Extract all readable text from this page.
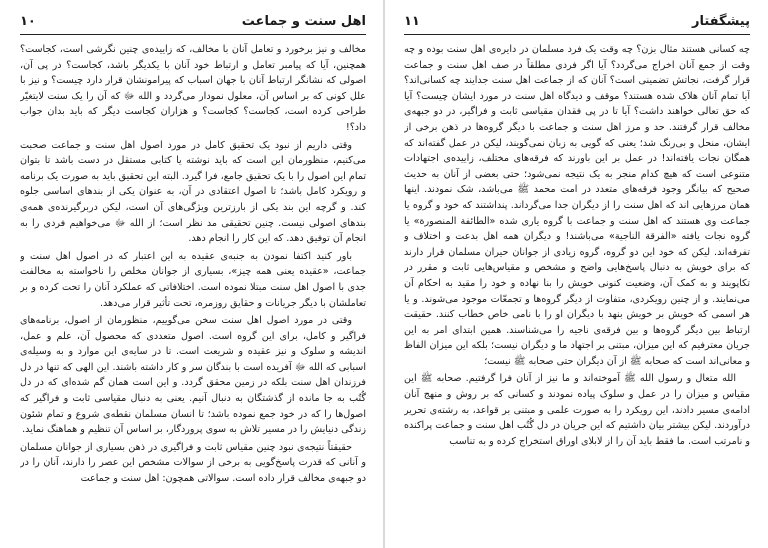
اهل سنت و جماعت
۱۰

مخالف و نیز برخورد و تعامل آنان با مخالف، که زاییده‌ی چنین نگرشی است، کجاست؟ همچنین، آیا که پیامبر تعامل و ارتباط خود آنان با یکدیگر باشد، کجاست؟ در پی آن، اصولی که نشانگر ارتباط آنان با جهان اسباب که پیرامونشان قرار دارد چیست؟ و نیز با علل کونی که بر اساس آن، معلول نمودار می‌گردد و الله ﷻ که آن را یک سنت لایتغیّر طراحی کرده است، کجاست؟ کجاست؟ و هزاران کجاست دیگر که باید بدان جواب داد؟!

وقتی داریم از نبود یک تحقیق کامل در مورد اصول اهل سنت و جماعت صحبت می‌کنیم، منظورمان این است که باید نوشته یا کتابی مستقل در دست باشد تا بتوان تمام این اصول را با یک تحقیق جامع، فرا گیرد. البته این تحقیق باید به صورت یک برنامه و رویکرد کامل باشد؛ تا اصول اعتقادی در آن، به عنوان یکی از بندهای اساسی جلوه کند. و گرچه این بند یکی از بارزترین ویژگی‌های آن است، لیکن دربرگیرنده‌ی همه‌ی بندهای اصولی نیست. چنین تحقیقی مد نظر است؛ از الله ﷻ می‌خواهیم فردی را به انجام آن توفیق دهد. که این کار را انجام دهد.

باور کنید اکتفا نمودن به جنبه‌ی عقیده به این اعتبار که در اصول اهل سنت و جماعت، «عقیده یعنی همه چیز»، بسیاری از جوانان مخلص را ناخواسته به مخالفت جدی با اصول اهل سنت مبتلا نموده است. اختلافاتی که عملکرد آنان را تحت کرده و بر تعاملشان با دیگر جریانات و حقایق روزمره، تحت تأثیر قرار می‌دهد.

وقتی در مورد اصول اهل سنت سخن می‌گوییم، منظورمان از اصول، برنامه‌های فراگیر و کامل، برای این گروه است. اصول متعددی که محصول آن، علم و عمل، اندیشه و سلوک و نیز عقیده و شریعت است. تا در سایه‌ی این موارد و به وسیله‌ی اسبابی که الله ﷻ آفریده است با بندگان سر و کار داشته باشند. این الهی که تنها در دل فرزندان اهل سنت بلکه در زمین محقق گردد. و این است همان گم شده‌ای که در دل گُتُب به جا مانده از گذشتگان به دنبال آنیم. یعنی به دنبال مقیاسی ثابت و فراگیر که اصول‌ها را که در خود جمع نموده باشد؛ تا انسان مسلمان نقطه‌ی شروع و تمام شئون زندگی دنیایش را در مسیر تلاش به سوی پروردگار، بر اساس آن تنظیم و هماهنگ نماید.

حقیقتاً نتیجه‌ی نبود چنین مقیاس ثابت و فراگیری در ذهن بسیاری از جوانان مسلمان و آنانی که قدرت پاسخ‌گویی به برخی از سوالات مشخص این عصر را دارند، آنان را در دو جبهه‌ی مخالف قرار داده است. سوالاتی همچون: اهل سنت و جماعت

پیشگفتار
۱۱

چه کسانی هستند مثال بزن؟ چه وقت یک فرد مسلمان در دایره‌ی اهل سنت بوده و چه وقت از جمع آنان اخراج می‌گردد؟ آیا اگر فردی مطلقاً در صف اهل سنت و جماعت قرار گرفت، نجاتش تضمینی است؟ آنان که از جماعت اهل سنت جدایند چه کسانی‌اند؟ آیا تمام آنان هلاک شده هستند؟ موقف و دیدگاه اهل سنت در مورد ایشان چیست؟ آیا که حق تعالی خواهند داشت؟ آیا تا در پی فقدان مقیاسی ثابت و فراگیر، در دو جبهه‌ی مخالف قرار گرفتند. حد و مرز اهل سنت و جماعت با دیگر گروه‌ها در ذهن برخی از ایشان، منحل و بی‌رنگ شد؛ یعنی که گویی به زبان نمی‌گویند، لیکن در عمل گفته‌اند که همگان نجات یافته‌اند! در عمل بر این باورند که فرقه‌های مختلف، زاییده‌ی اجتهادات متنوعی است که هیچ کدام منجر به یک نتیجه نمی‌شود؛ حتی بعضی از آنان به حدیث صحیح که بیانگر وجود فرقه‌های متعدد در امت محمد ﷺ می‌باشد، شک نمودند. اینها همان مرزهایی اند که اهل سنت را از دیگران جدا می‌گرداند. پنداشتند که خود و گروه یا جماعت وی هستند که اهل سنت و جماعت با گروه یاری شده «الطائفة المنصورة» یا گروه نجات یافته «الفرقة الناجیة» می‌باشند! و دیگران همه اهل بدعت و اختلاف و تفرقه‌اند. لیکن که خود این دو گروه، گروه زیادی از جوانان حیران مسلمان قرار دارند که برای خویش به دنبال پاسخ‌هایی واضح و مشخص و مقیاس‌هایی ثابت و مقرر در تکاپویند و به کمک آن، وضعیت کنونی خویش را بنا نهاده و خود را مقید به احکام آن می‌نمایند. و از چنین رویکردی، متفاوت از دیگر گروه‌ها و تجمعّات موجود می‌شوند. و یا هر اسمی که خویش بر خویش بنهد با دیگران او را با نامی خاص خطاب کنند. حقیقت ارتباط بین دیگر گروه‌ها و بین فرقه‌ی ناجیه را می‌شناسند. همین ابتدای امر به این جریان معترفیم که این میزان، مبتنی بر اجتهاد ما و دیگران نیست؛ بلکه این میزان الفاظ و معانی‌اند است که صحابه ﷺ از آن دیگران حتی صحابه ﷺ نیست؛

الله متعال و رسول الله ﷺ آموخته‌اند و ما نیز از آنان فرا گرفتیم. صحابه ﷺ این مقیاس و میزان را در عمل و سلوک پیاده نمودند و کسانی که بر روش و منهج آنان ادامه‌ی مسیر دادند، این رویکرد را به صورت علمی و مبتنی بر قواعد، به رشته‌ی تحریر درآوردند. لیکن بیشتر بیان داشتیم که این جریان در دل گُتُب اهل سنت و جماعت پراکنده و نامرتب است. ما فقط باید آن را از لابلای اوراق استخراج کرده و به تناسب
